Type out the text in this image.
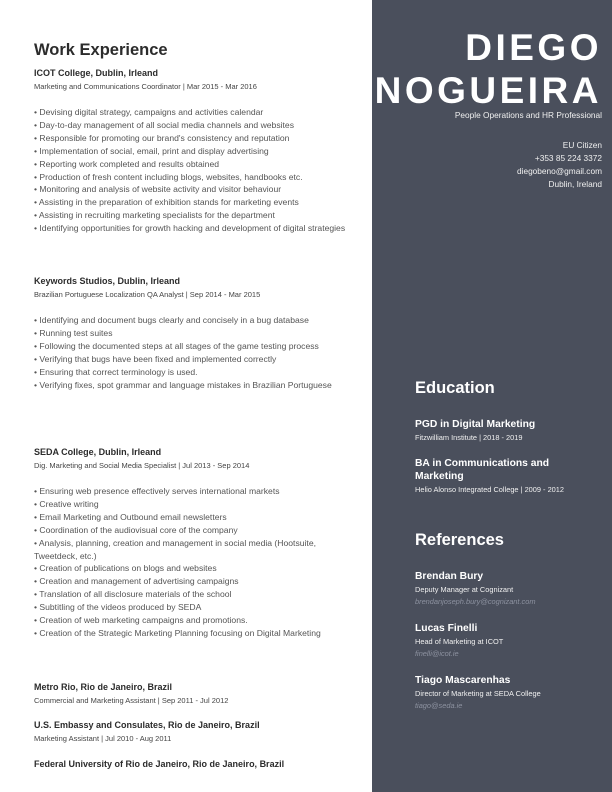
Work Experience
ICOT College, Dublin, Irleand
Marketing and Communications Coordinator | Mar 2015 - Mar 2016
• Devising digital strategy, campaigns and activities calendar
• Day-to-day management of all social media channels and websites
• Responsible for promoting our brand's consistency and reputation
• Implementation of social, email, print and display advertising
• Reporting work completed and results obtained
• Production of fresh content including blogs, websites, handbooks etc.
• Monitoring and analysis of website activity and visitor behaviour
• Assisting in the preparation of exhibition stands for marketing events
• Assisting in recruiting marketing specialists for the department
• Identifying opportunities for growth hacking and development of digital strategies
Keywords Studios, Dublin, Irleand
Brazilian Portuguese Localization QA Analyst | Sep 2014 - Mar 2015
• Identifying and document bugs clearly and concisely in a bug database
• Running test suites
• Following the documented steps at all stages of the game testing process
• Verifying that bugs have been fixed and implemented correctly
• Ensuring that correct terminology is used.
• Verifying fixes, spot grammar and language mistakes in Brazilian Portuguese
SEDA College, Dublin, Irleand
Dig. Marketing and Social Media Specialist | Jul 2013 - Sep 2014
• Ensuring web presence effectively serves international markets
• Creative writing
• Email Marketing and Outbound email newsletters
• Coordination of the audiovisual core of the company
• Analysis, planning, creation and management in social media (Hootsuite, Tweetdeck, etc.)
• Creation of publications on blogs and websites
• Creation and management of advertising campaigns
• Translation of all disclosure materials of the school
• Subtitling of the videos produced by SEDA
• Creation of web marketing campaigns and promotions.
• Creation of the Strategic Marketing Planning focusing on Digital Marketing
Metro Rio, Rio de Janeiro, Brazil
Commercial and Marketing Assistant | Sep 2011 - Jul 2012
U.S. Embassy and Consulates, Rio de Janeiro, Brazil
Marketing Assistant | Jul 2010 - Aug 2011
Federal University of Rio de Janeiro, Rio de Janeiro, Brazil
DIEGO
NOGUEIRA
People Operations and HR Professional
EU Citizen
+353 85 224 3372
diegobeno@gmail.com
Dublin, Ireland
Education
PGD in Digital Marketing
Fitzwilliam Institute | 2018 - 2019
BA in Communications and Marketing
Helio Alonso Integrated College | 2009 - 2012
References
Brendan Bury
Deputy Manager at Cognizant
brendanjoseph.bury@cognizant.com
Lucas Finelli
Head of Marketing at ICOT
finelli@icot.ie
Tiago Mascarenhas
Director of Marketing at SEDA College
tiago@seda.ie
